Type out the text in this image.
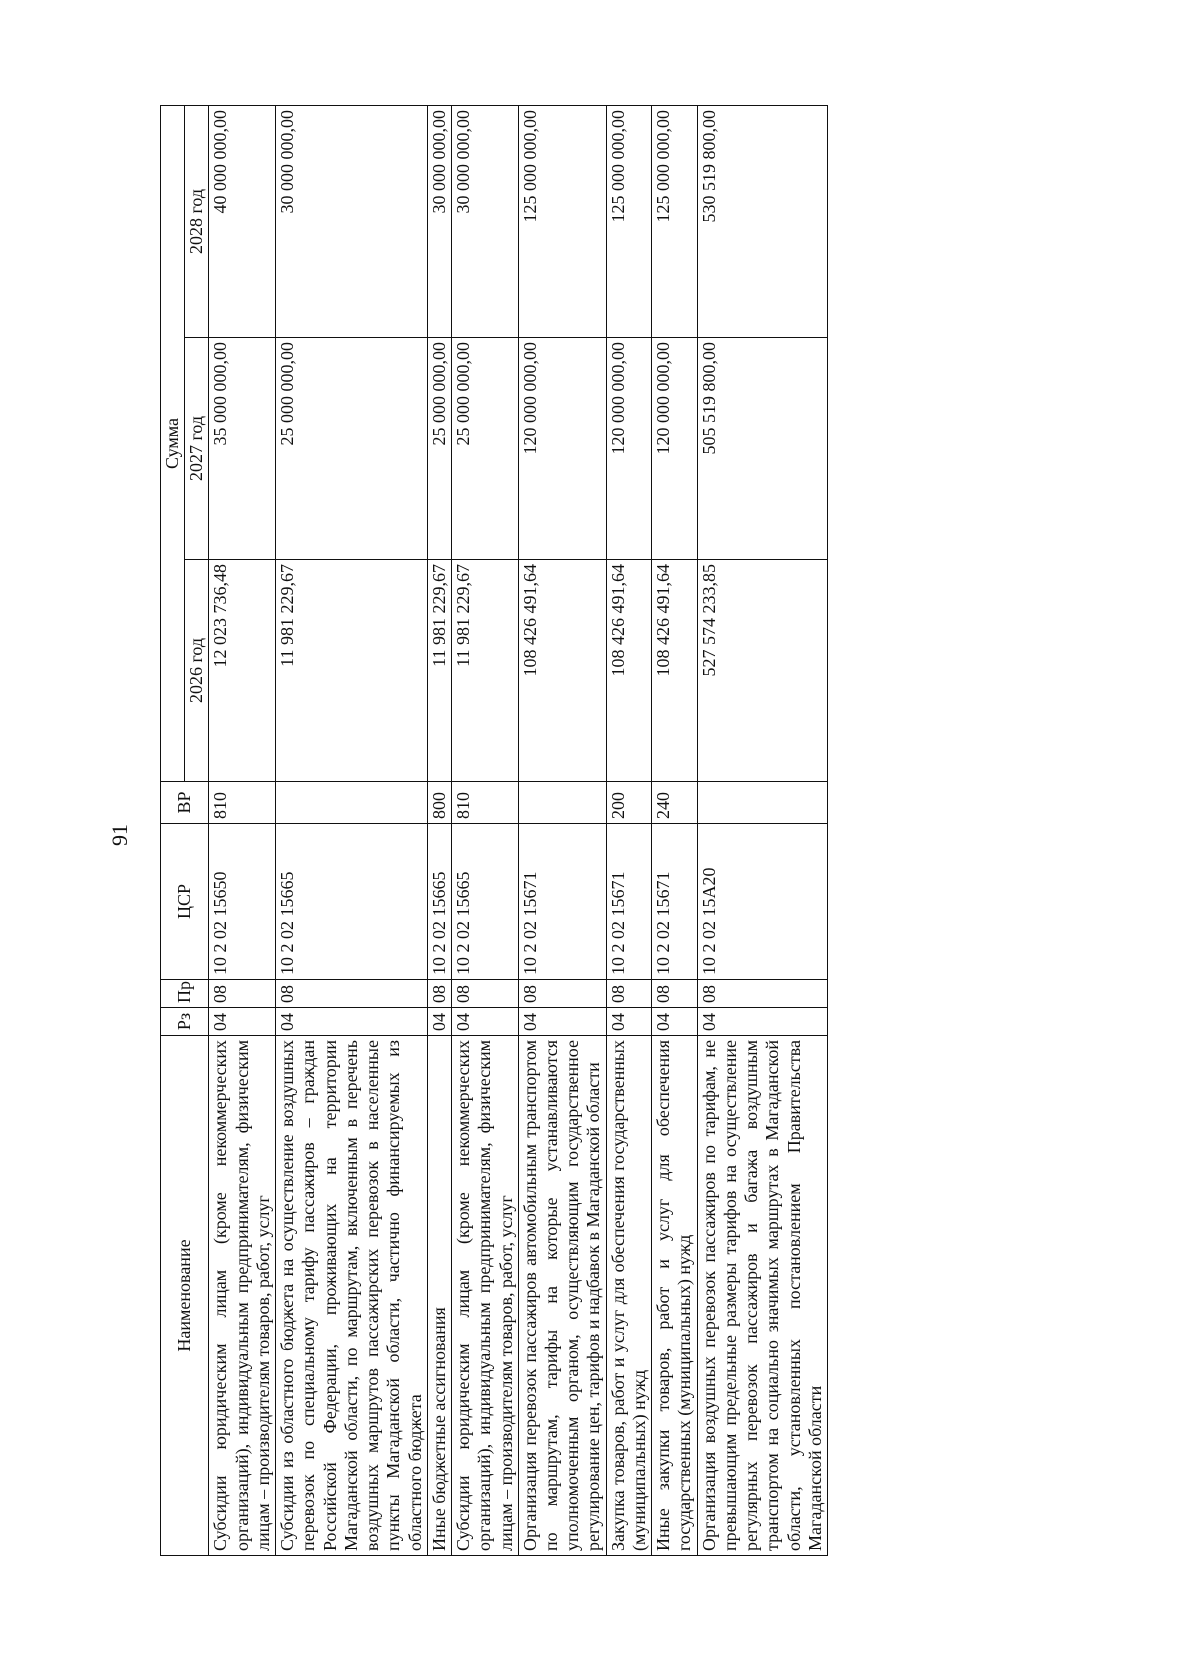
91
Наименование	Рз	Пр	ЦСР	ВР	Сумма		
					2026 год	2027 год	2028 год
Субсидии юридическим лицам (кроме некоммерческих организаций), индивидуальным предпринимателям, физическим лицам – производителям товаров, работ, услуг	04	08	10 2 02 15650	810	12 023 736,48	35 000 000,00	40 000 000,00
Субсидии из областного бюджета на осуществление воздушных перевозок по специальному тарифу пассажиров – граждан Российской Федерации, проживающих на территории Магаданской области, по маршрутам, включенным в перечень воздушных маршрутов пассажирских перевозок в населенные пункты Магаданской области, частично финансируемых из областного бюджета	04	08	10 2 02 15665		11 981 229,67	25 000 000,00	30 000 000,00
Иные бюджетные ассигнования	04	08	10 2 02 15665	800	11 981 229,67	25 000 000,00	30 000 000,00
Субсидии юридическим лицам (кроме некоммерческих организаций), индивидуальным предпринимателям, физическим лицам – производителям товаров, работ, услуг	04	08	10 2 02 15665	810	11 981 229,67	25 000 000,00	30 000 000,00
Организация перевозок пассажиров автомобильным транспортом по маршрутам, тарифы на которые устанавливаются уполномоченным органом, осуществляющим государственное регулирование цен, тарифов и надбавок в Магаданской области	04	08	10 2 02 15671		108 426 491,64	120 000 000,00	125 000 000,00
Закупка товаров, работ и услуг для обеспечения государственных (муниципальных) нужд	04	08	10 2 02 15671	200	108 426 491,64	120 000 000,00	125 000 000,00
Иные закупки товаров, работ и услуг для обеспечения государственных (муниципальных) нужд	04	08	10 2 02 15671	240	108 426 491,64	120 000 000,00	125 000 000,00
Организация воздушных перевозок пассажиров по тарифам, не превышающим предельные размеры тарифов на осуществление регулярных перевозок пассажиров и багажа воздушным транспортом на социально значимых маршрутах в Магаданской области, установленных постановлением Правительства Магаданской области	04	08	10 2 02 15А20		527 574 233,85	505 519 800,00	530 519 800,00
